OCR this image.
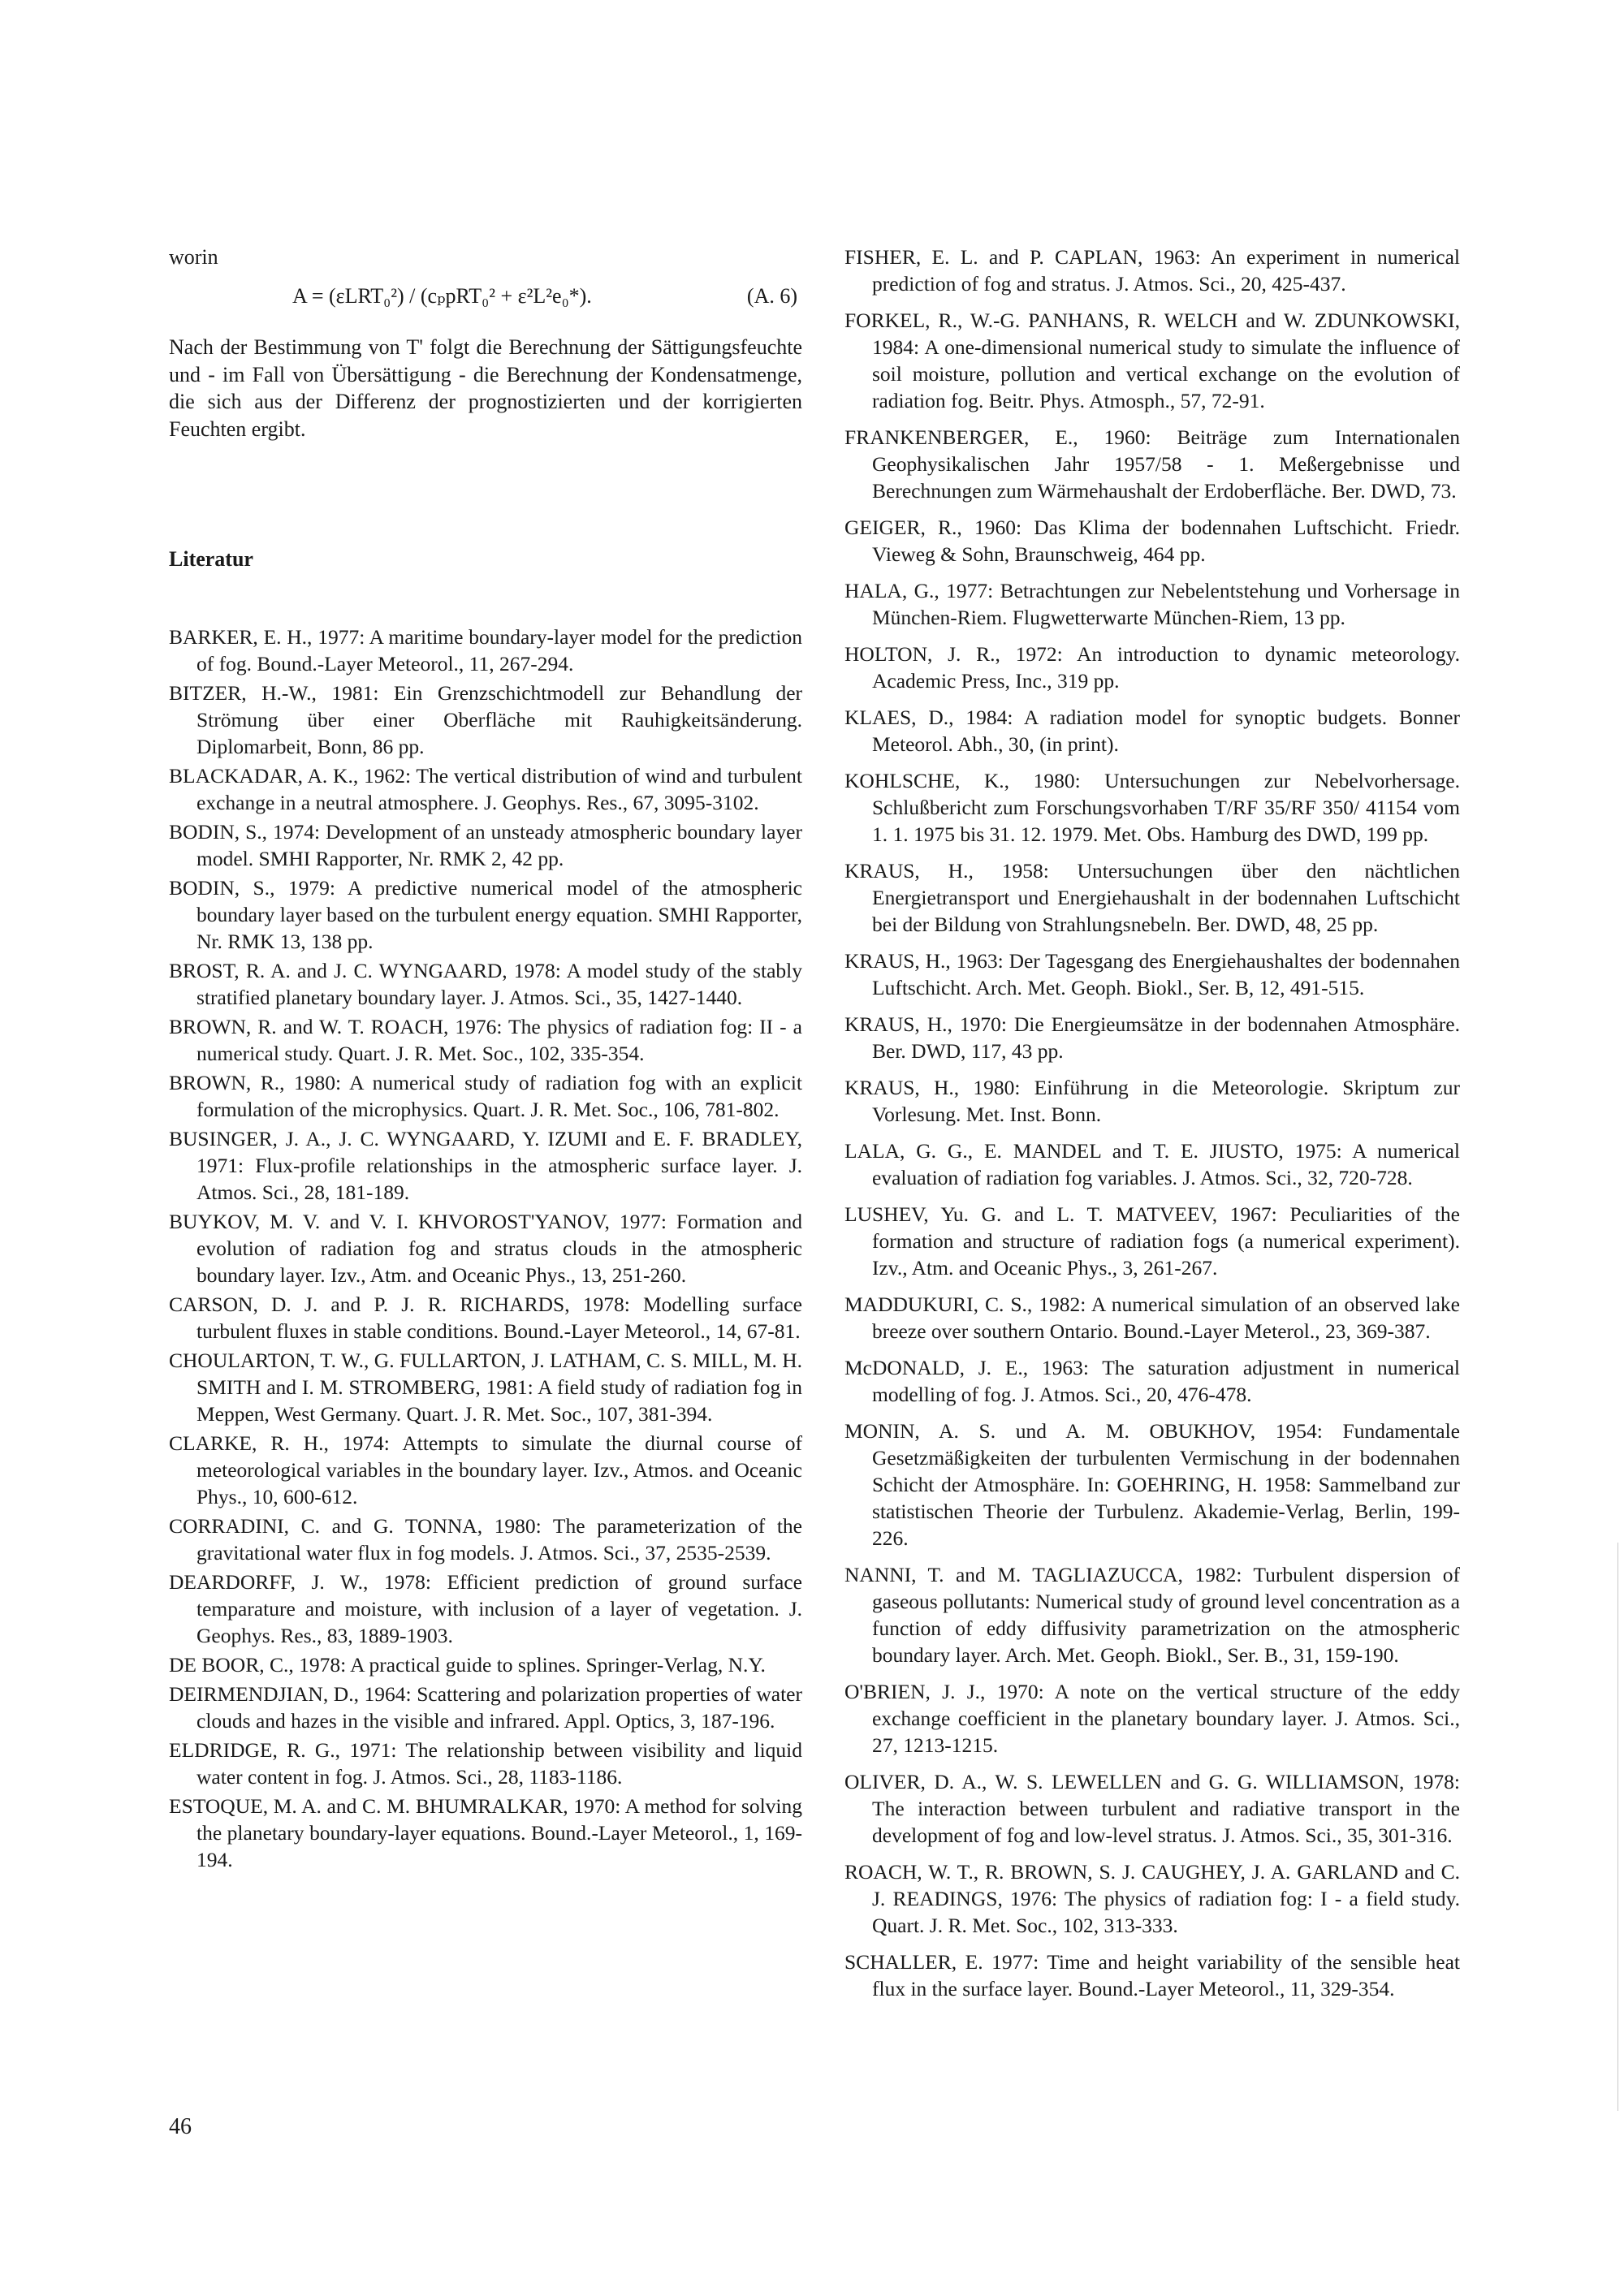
worin

A = (εLRT₀²) / (cₚpRT₀² + ε²L²e₀*).	(A. 6)

Nach der Bestimmung von T' folgt die Berechnung der Sättigungsfeuchte und - im Fall von Übersättigung - die Berechnung der Kondensatmenge, die sich aus der Differenz der prognostizierten und der korrigierten Feuchten ergibt.

Literatur

BARKER, E. H., 1977: A maritime boundary-layer model for the prediction of fog. Bound.-Layer Meteorol., 11, 267-294.

BITZER, H.-W., 1981: Ein Grenzschichtmodell zur Behandlung der Strömung über einer Oberfläche mit Rauhigkeitsänderung. Diplomarbeit, Bonn, 86 pp.

BLACKADAR, A. K., 1962: The vertical distribution of wind and turbulent exchange in a neutral atmosphere. J. Geophys. Res., 67, 3095-3102.

BODIN, S., 1974: Development of an unsteady atmospheric boundary layer model. SMHI Rapporter, Nr. RMK 2, 42 pp.

BODIN, S., 1979: A predictive numerical model of the atmospheric boundary layer based on the turbulent energy equation. SMHI Rapporter, Nr. RMK 13, 138 pp.

BROST, R. A. and J. C. WYNGAARD, 1978: A model study of the stably stratified planetary boundary layer. J. Atmos. Sci., 35, 1427-1440.

BROWN, R. and W. T. ROACH, 1976: The physics of radiation fog: II - a numerical study. Quart. J. R. Met. Soc., 102, 335-354.

BROWN, R., 1980: A numerical study of radiation fog with an explicit formulation of the microphysics. Quart. J. R. Met. Soc., 106, 781-802.

BUSINGER, J. A., J. C. WYNGAARD, Y. IZUMI and E. F. BRADLEY, 1971: Flux-profile relationships in the atmospheric surface layer. J. Atmos. Sci., 28, 181-189.

BUYKOV, M. V. and V. I. KHVOROST'YANOV, 1977: Formation and evolution of radiation fog and stratus clouds in the atmospheric boundary layer. Izv., Atm. and Oceanic Phys., 13, 251-260.

CARSON, D. J. and P. J. R. RICHARDS, 1978: Modelling surface turbulent fluxes in stable conditions. Bound.-Layer Meteorol., 14, 67-81.

CHOULARTON, T. W., G. FULLARTON, J. LATHAM, C. S. MILL, M. H. SMITH and I. M. STROMBERG, 1981: A field study of radiation fog in Meppen, West Germany. Quart. J. R. Met. Soc., 107, 381-394.

CLARKE, R. H., 1974: Attempts to simulate the diurnal course of meteorological variables in the boundary layer. Izv., Atmos. and Oceanic Phys., 10, 600-612.

CORRADINI, C. and G. TONNA, 1980: The parameterization of the gravitational water flux in fog models. J. Atmos. Sci., 37, 2535-2539.

DEARDORFF, J. W., 1978: Efficient prediction of ground surface temparature and moisture, with inclusion of a layer of vegetation. J. Geophys. Res., 83, 1889-1903.

DE BOOR, C., 1978: A practical guide to splines. Springer-Verlag, N.Y.

DEIRMENDJIAN, D., 1964: Scattering and polarization properties of water clouds and hazes in the visible and infrared. Appl. Optics, 3, 187-196.

ELDRIDGE, R. G., 1971: The relationship between visibility and liquid water content in fog. J. Atmos. Sci., 28, 1183-1186.

ESTOQUE, M. A. and C. M. BHUMRALKAR, 1970: A method for solving the planetary boundary-layer equations. Bound.-Layer Meteorol., 1, 169-194.

FISHER, E. L. and P. CAPLAN, 1963: An experiment in numerical prediction of fog and stratus. J. Atmos. Sci., 20, 425-437.

FORKEL, R., W.-G. PANHANS, R. WELCH and W. ZDUNKOWSKI, 1984: A one-dimensional numerical study to simulate the influence of soil moisture, pollution and vertical exchange on the evolution of radiation fog. Beitr. Phys. Atmosph., 57, 72-91.

FRANKENBERGER, E., 1960: Beiträge zum Internationalen Geophysikalischen Jahr 1957/58 - 1. Meßergebnisse und Berechnungen zum Wärmehaushalt der Erdoberfläche. Ber. DWD, 73.

GEIGER, R., 1960: Das Klima der bodennahen Luftschicht. Friedr. Vieweg & Sohn, Braunschweig, 464 pp.

HALA, G., 1977: Betrachtungen zur Nebelentstehung und Vorhersage in München-Riem. Flugwetterwarte München-Riem, 13 pp.

HOLTON, J. R., 1972: An introduction to dynamic meteorology. Academic Press, Inc., 319 pp.

KLAES, D., 1984: A radiation model for synoptic budgets. Bonner Meteorol. Abh., 30, (in print).

KOHLSCHE, K., 1980: Untersuchungen zur Nebelvorhersage. Schlußbericht zum Forschungsvorhaben T/RF 35/RF 350/ 41154 vom 1. 1. 1975 bis 31. 12. 1979. Met. Obs. Hamburg des DWD, 199 pp.

KRAUS, H., 1958: Untersuchungen über den nächtlichen Energietransport und Energiehaushalt in der bodennahen Luftschicht bei der Bildung von Strahlungsnebeln. Ber. DWD, 48, 25 pp.

KRAUS, H., 1963: Der Tagesgang des Energiehaushaltes der bodennahen Luftschicht. Arch. Met. Geoph. Biokl., Ser. B, 12, 491-515.

KRAUS, H., 1970: Die Energieumsätze in der bodennahen Atmosphäre. Ber. DWD, 117, 43 pp.

KRAUS, H., 1980: Einführung in die Meteorologie. Skriptum zur Vorlesung. Met. Inst. Bonn.

LALA, G. G., E. MANDEL and T. E. JIUSTO, 1975: A numerical evaluation of radiation fog variables. J. Atmos. Sci., 32, 720-728.

LUSHEV, Yu. G. and L. T. MATVEEV, 1967: Peculiarities of the formation and structure of radiation fogs (a numerical experiment). Izv., Atm. and Oceanic Phys., 3, 261-267.

MADDUKURI, C. S., 1982: A numerical simulation of an observed lake breeze over southern Ontario. Bound.-Layer Meterol., 23, 369-387.

McDONALD, J. E., 1963: The saturation adjustment in numerical modelling of fog. J. Atmos. Sci., 20, 476-478.

MONIN, A. S. und A. M. OBUKHOV, 1954: Fundamentale Gesetzmäßigkeiten der turbulenten Vermischung in der bodennahen Schicht der Atmosphäre. In: GOEHRING, H. 1958: Sammelband zur statistischen Theorie der Turbulenz. Akademie-Verlag, Berlin, 199-226.

NANNI, T. and M. TAGLIAZUCCA, 1982: Turbulent dispersion of gaseous pollutants: Numerical study of ground level concentration as a function of eddy diffusivity parametrization on the atmospheric boundary layer. Arch. Met. Geoph. Biokl., Ser. B., 31, 159-190.

O'BRIEN, J. J., 1970: A note on the vertical structure of the eddy exchange coefficient in the planetary boundary layer. J. Atmos. Sci., 27, 1213-1215.

OLIVER, D. A., W. S. LEWELLEN and G. G. WILLIAMSON, 1978: The interaction between turbulent and radiative transport in the development of fog and low-level stratus. J. Atmos. Sci., 35, 301-316.

ROACH, W. T., R. BROWN, S. J. CAUGHEY, J. A. GARLAND and C. J. READINGS, 1976: The physics of radiation fog: I - a field study. Quart. J. R. Met. Soc., 102, 313-333.

SCHALLER, E. 1977: Time and height variability of the sensible heat flux in the surface layer. Bound.-Layer Meteorol., 11, 329-354.

46
